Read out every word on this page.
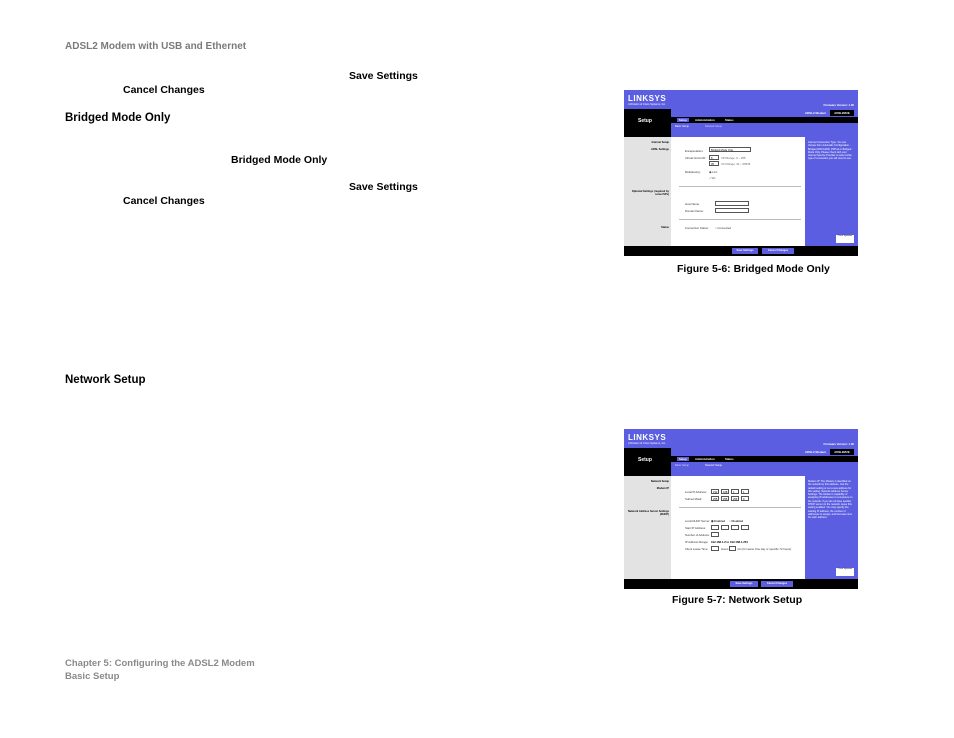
ADSL2 Modem with USB and Ethernet
Save Settings
Cancel Changes
Bridged Mode Only
Bridged Mode Only
Save Settings
Cancel Changes
Network Setup
LINKSYS
A Division of Cisco Systems, Inc.	Firmware Version: 1.00
Setup
ADSL2 Modem	ADSL2MUE
Setup	Administration	Status
Basic Setup	Network Setup
Internet Setup
ADSL Settings
Optional Settings (required by some ISPs)
Status
Encapsulation:	Bridged Mode Only
Virtual Circuit ID:	8	VPI Range: 0 ~ 255
35	VCI Range: 32 ~ 65535
Multiplexing:	◉ LLC
○ VC
Host Name:
Domain Name:
Connection Status: ○ Connected
Internet Connection Type: You can choose from Automatic Configuration - Bridged (RFC1483), PPPoA or Bridged Mode Only. Please check with your Internet Service Provider to select what type of connection you will need to use.
Cisco Systems
Save Settings	Cancel Changes
Figure 5-6: Bridged Mode Only
LINKSYS
A Division of Cisco Systems, Inc.	Firmware Version: 1.00
Setup
ADSL2 Modem	ADSL2MUE
Setup	Administration	Status
Basic Setup	Network Setup
Network Setup
Modem IP
Network Address Server Settings (DHCP)
Local IP Address:	192	168	1	1
Subnet Mask:	255	255	255	0
Local DHCP Server: ◉ Enabled ○ Disabled
Start IP Address:
Number of Address:
IP Address Range: 192.168.1.2 to 192.168.1.254
Client Lease Time:	Hours	min (0 means One day or specific 72 hours)
Modem IP: The Modem is identified on the network by this address. Use the default setting or set a new address for this setting. Network Address Server Settings: The Modem's capability of assigning IP addresses to computers on the network. If you do not have another DHCP server on the network, leave this setting enabled. You may specify the starting IP address, the number of addresses to assign, and the lease time for each address.
Cisco Systems
Save Settings	Cancel Changes
Figure 5-7: Network Setup
Chapter 5: Configuring the ADSL2 Modem
Basic Setup
